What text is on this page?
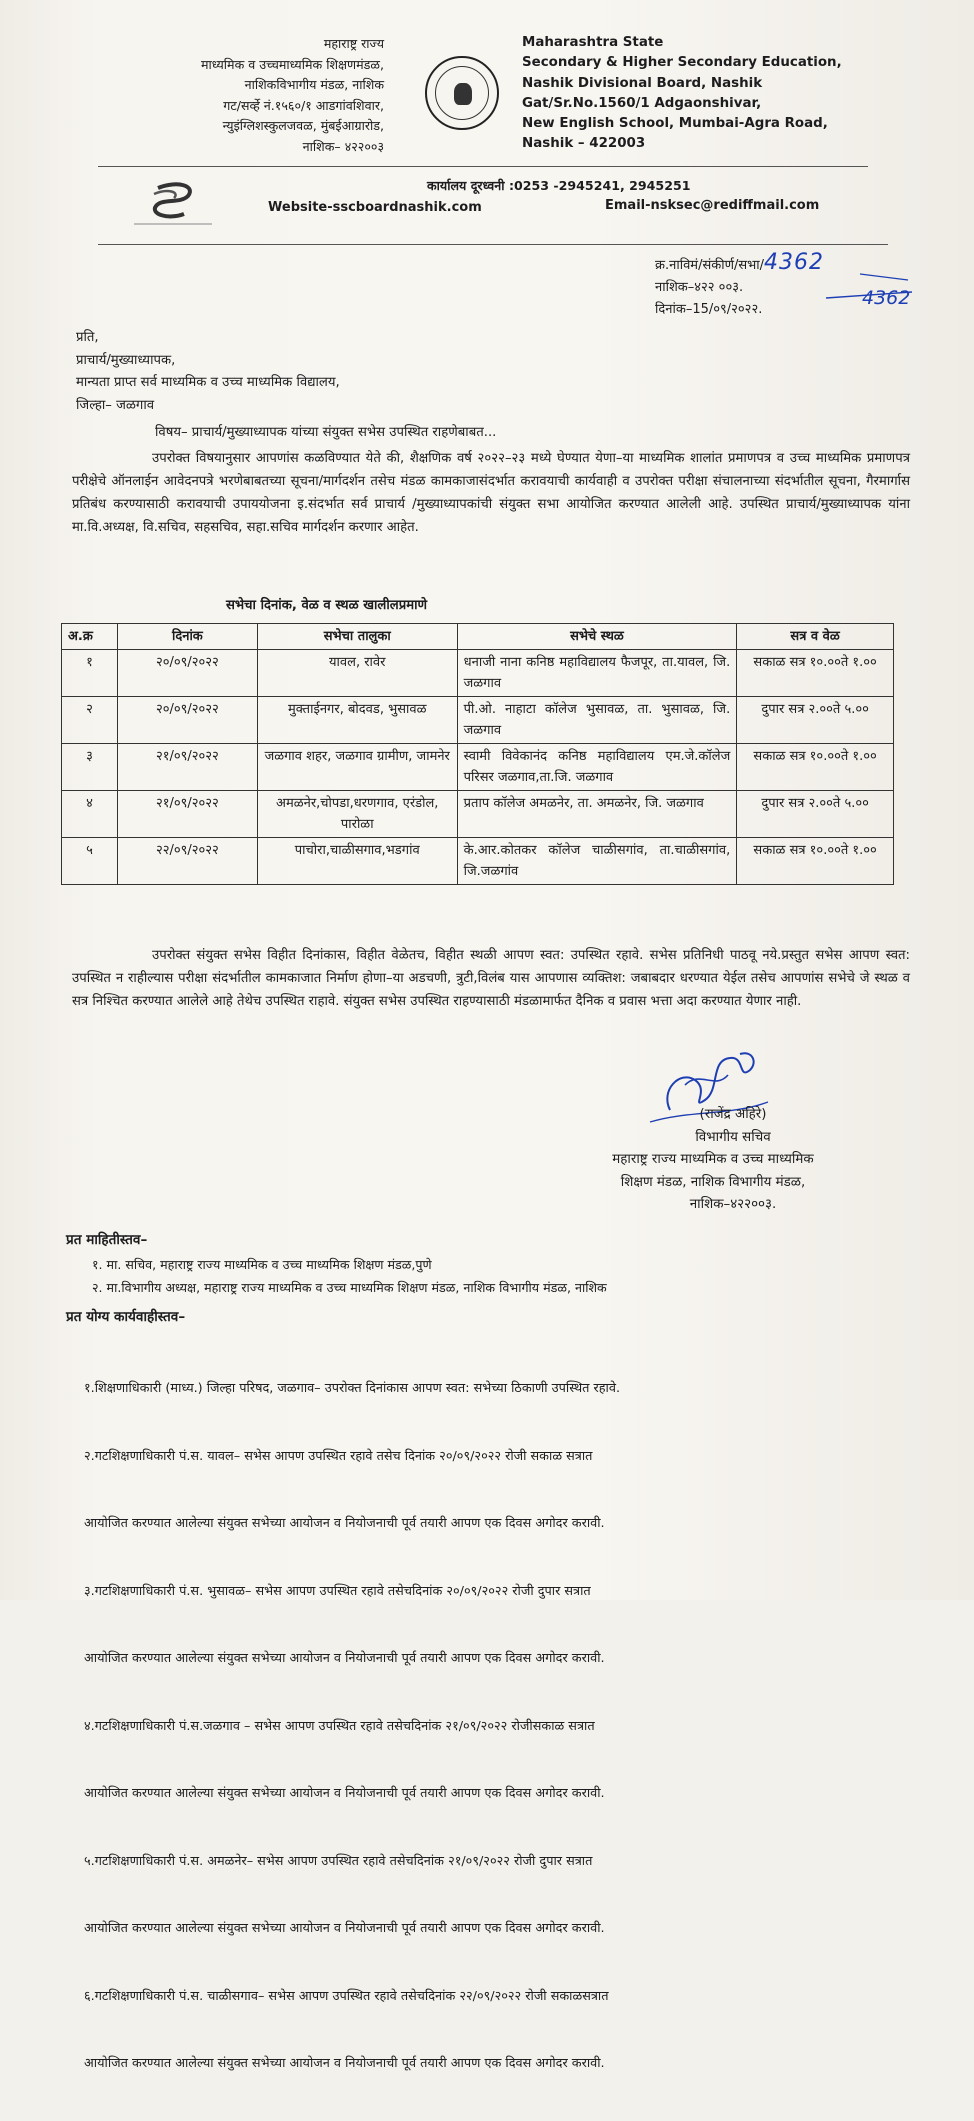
महाराष्ट्र राज्य
माध्यमिक व उच्चमाध्यमिक शिक्षणमंडळ,
नाशिकविभागीय मंडळ, नाशिक
गट/सर्व्हे नं.१५६०/१ आडगांवशिवार,
न्युइंग्लिशस्कुलजवळ, मुंबईआग्रारोड,
नाशिक– ४२२००३
Maharashtra State
Secondary & Higher Secondary Education,
Nashik Divisional Board, Nashik
Gat/Sr.No.1560/1 Adgaonshivar,
New English School, Mumbai-Agra Road,
Nashik – 422003
कार्यालय दूरध्वनी :0253 -2945241, 2945251
Website-sscboardnashik.com	Email-nsksec@rediffmail.com
क्र.नाविमं/संकीर्ण/सभा/4362
नाशिक–४२२ ००३.
दिनांक–15/०९/२०२२.
4362
प्रति,
प्राचार्य/मुख्याध्यापक,
मान्यता प्राप्त सर्व माध्यमिक व उच्च माध्यमिक विद्यालय,
जिल्हा– जळगाव
विषय– प्राचार्य/मुख्याध्यापक यांच्या संयुक्त सभेस उपस्थित राहणेबाबत...
उपरोक्त विषयानुसार आपणांस कळविण्यात येते की, शैक्षणिक वर्ष २०२२–२३ मध्ये घेण्यात येणा–या माध्यमिक शालांत प्रमाणपत्र व उच्च माध्यमिक प्रमाणपत्र परीक्षेचे ऑनलाईन आवेदनपत्रे भरणेबाबतच्या सूचना/मार्गदर्शन तसेच मंडळ कामकाजासंदर्भात करावयाची कार्यवाही व उपरोक्त परीक्षा संचालनाच्या संदर्भातील सूचना, गैरमार्गास प्रतिबंध करण्यासाठी करावयाची उपाययोजना इ.संदर्भात सर्व प्राचार्य /मुख्याध्यापकांची संयुक्त सभा आयोजित करण्यात आलेली आहे. उपस्थित प्राचार्य/मुख्याध्यापक यांना मा.वि.अध्यक्ष, वि.सचिव, सहसचिव, सहा.सचिव मार्गदर्शन करणार आहेत.
सभेचा दिनांक, वेळ व स्थळ खालीलप्रमाणे
अ.क्र	दिनांक	सभेचा तालुका	सभेचे स्थळ	सत्र व वेळ
१	२०/०९/२०२२	यावल, रावेर	धनाजी नाना कनिष्ठ महाविद्यालय फैजपूर, ता.यावल, जि. जळगाव	सकाळ सत्र १०.००ते १.००
२	२०/०९/२०२२	मुक्ताईनगर, बोदवड, भुसावळ	पी.ओ. नाहाटा कॉलेज भुसावळ, ता. भुसावळ, जि. जळगाव	दुपार सत्र २.००ते ५.००
३	२१/०९/२०२२	जळगाव शहर, जळगाव ग्रामीण, जामनेर	स्वामी विवेकानंद कनिष्ठ महाविद्यालय एम.जे.कॉलेज परिसर जळगाव,ता.जि. जळगाव	सकाळ सत्र १०.००ते १.००
४	२१/०९/२०२२	अमळनेर,चोपडा,धरणगाव, एरंडोल, पारोळा	प्रताप कॉलेज अमळनेर, ता. अमळनेर, जि. जळगाव	दुपार सत्र २.००ते ५.००
५	२२/०९/२०२२	पाचोरा,चाळीसगाव,भडगांव	के.आर.कोतकर कॉलेज चाळीसगांव, ता.चाळीसगांव, जि.जळगांव	सकाळ सत्र १०.००ते १.००
उपरोक्त संयुक्त सभेस विहीत दिनांकास, विहीत वेळेतच, विहीत स्थळी आपण स्वत: उपस्थित रहावे. सभेस प्रतिनिधी पाठवू नये.प्रस्तुत सभेस आपण स्वत: उपस्थित न राहील्यास परीक्षा संदर्भातील कामकाजात निर्माण होणा–या अडचणी, त्रुटी,विलंब यास आपणास व्यक्तिश: जबाबदार धरण्यात येईल तसेच आपणांस सभेचे जे स्थळ व सत्र निश्चित करण्यात आलेले आहे तेथेच उपस्थित राहावे. संयुक्त सभेस उपस्थित राहण्यासाठी मंडळामार्फत दैनिक व प्रवास भत्ता अदा करण्यात येणार नाही.
(राजेंद्र अहिरे)
विभागीय सचिव
महाराष्ट्र राज्य माध्यमिक व उच्च माध्यमिक
शिक्षण मंडळ, नाशिक विभागीय मंडळ,
नाशिक–४२२००३.
प्रत माहितीस्तव–
१. मा. सचिव, महाराष्ट्र राज्य माध्यमिक व उच्च माध्यमिक शिक्षण मंडळ,पुणे
२. मा.विभागीय अध्यक्ष, महाराष्ट्र राज्य माध्यमिक व उच्च माध्यमिक शिक्षण मंडळ, नाशिक विभागीय मंडळ, नाशिक
प्रत योग्य कार्यवाहीस्तव–

१.शिक्षणाधिकारी (माध्य.) जिल्हा परिषद, जळगाव– उपरोक्त दिनांकास आपण स्वत: सभेच्या ठिकाणी उपस्थित रहावे.

२.गटशिक्षणाधिकारी पं.स. यावल– सभेस आपण उपस्थित रहावे तसेच दिनांक २०/०९/२०२२ रोजी सकाळ सत्रात

आयोजित करण्यात आलेल्या संयुक्त सभेच्या आयोजन व नियोजनाची पूर्व तयारी आपण एक दिवस अगोदर करावी.

३.गटशिक्षणाधिकारी पं.स. भुसावळ– सभेस आपण उपस्थित रहावे तसेचदिनांक २०/०९/२०२२ रोजी दुपार सत्रात

आयोजित करण्यात आलेल्या संयुक्त सभेच्या आयोजन व नियोजनाची पूर्व तयारी आपण एक दिवस अगोदर करावी.

४.गटशिक्षणाधिकारी पं.स.जळगाव – सभेस आपण उपस्थित रहावे तसेचदिनांक २१/०९/२०२२ रोजीसकाळ सत्रात

आयोजित करण्यात आलेल्या संयुक्त सभेच्या आयोजन व नियोजनाची पूर्व तयारी आपण एक दिवस अगोदर करावी.

५.गटशिक्षणाधिकारी पं.स. अमळनेर– सभेस आपण उपस्थित रहावे तसेचदिनांक २१/०९/२०२२ रोजी दुपार सत्रात

आयोजित करण्यात आलेल्या संयुक्त सभेच्या आयोजन व नियोजनाची पूर्व तयारी आपण एक दिवस अगोदर करावी.

६.गटशिक्षणाधिकारी पं.स. चाळीसगाव– सभेस आपण उपस्थित रहावे तसेचदिनांक २२/०९/२०२२ रोजी सकाळसत्रात

आयोजित करण्यात आलेल्या संयुक्त सभेच्या आयोजन व नियोजनाची पूर्व तयारी आपण एक दिवस अगोदर करावी.
